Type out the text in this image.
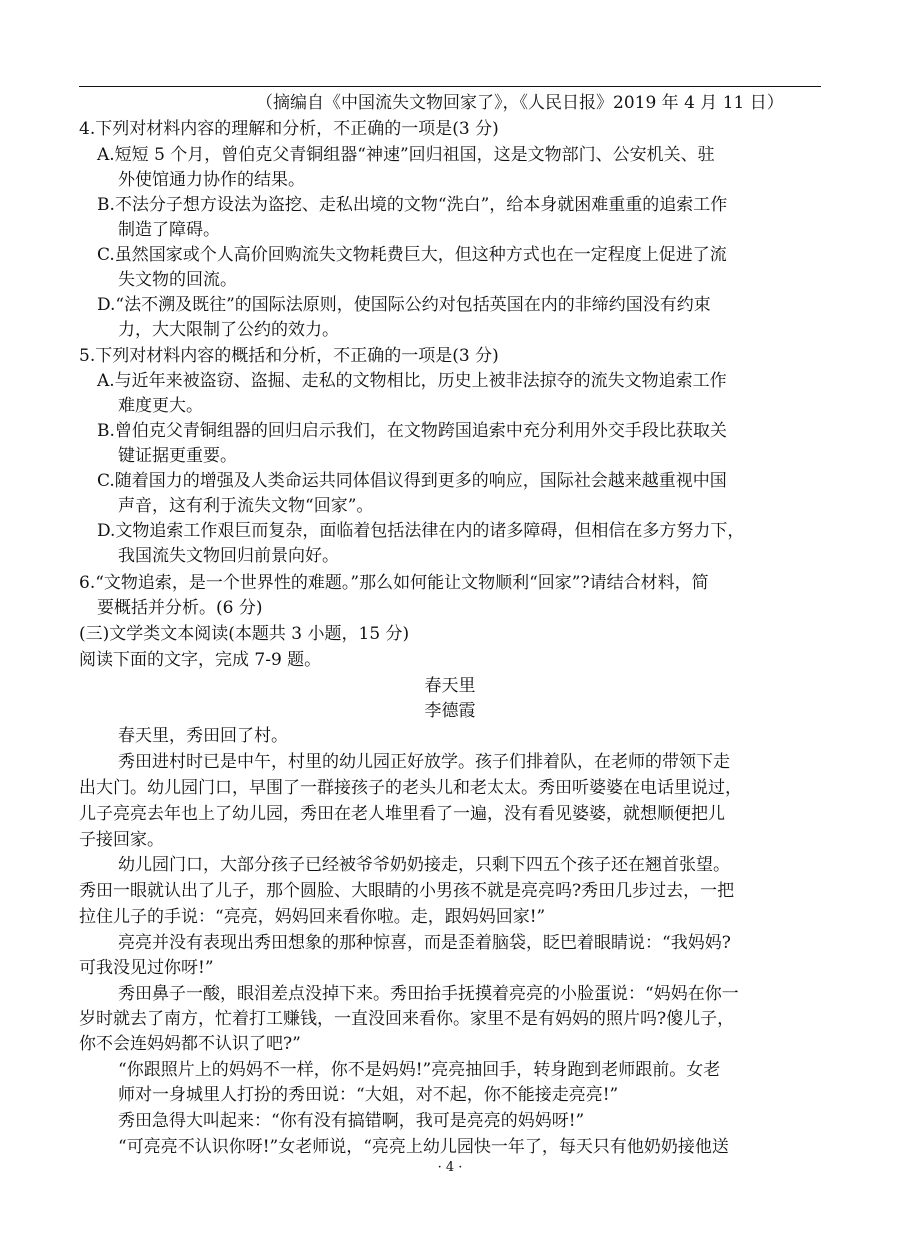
（摘编自《中国流失文物回家了》，《人民日报》2019 年 4 月 11 日）
4.下列对材料内容的理解和分析，不正确的一项是(3 分)
A.短短 5 个月，曾伯克父青铜组器“神速”回归祖国，这是文物部门、公安机关、驻
外使馆通力协作的结果。
B.不法分子想方设法为盗挖、走私出境的文物“洗白”，给本身就困难重重的追索工作
制造了障碍。
C.虽然国家或个人高价回购流失文物耗费巨大，但这种方式也在一定程度上促进了流
失文物的回流。
D.“法不溯及既往”的国际法原则，使国际公约对包括英国在内的非缔约国没有约束
力，大大限制了公约的效力。
5.下列对材料内容的概括和分析，不正确的一项是(3 分)
A.与近年来被盗窃、盗掘、走私的文物相比，历史上被非法掠夺的流失文物追索工作
难度更大。
B.曾伯克父青铜组器的回归启示我们，在文物跨国追索中充分利用外交手段比获取关
键证据更重要。
C.随着国力的增强及人类命运共同体倡议得到更多的响应，国际社会越来越重视中国
声音，这有利于流失文物“回家”。
D.文物追索工作艰巨而复杂，面临着包括法律在内的诸多障碍，但相信在多方努力下，
我国流失文物回归前景向好。
6.“文物追索，是一个世界性的难题。”那么如何能让文物顺利“回家”?请结合材料，简
要概括并分析。(6 分)
(三)文学类文本阅读(本题共 3 小题，15 分)
阅读下面的文字，完成 7-9 题。
春天里
李德霞
春天里，秀田回了村。
秀田进村时已是中午，村里的幼儿园正好放学。孩子们排着队，在老师的带领下走
出大门。幼儿园门口，早围了一群接孩子的老头儿和老太太。秀田听婆婆在电话里说过，
儿子亮亮去年也上了幼儿园，秀田在老人堆里看了一遍，没有看见婆婆，就想顺便把儿
子接回家。
幼儿园门口，大部分孩子已经被爷爷奶奶接走，只剩下四五个孩子还在翘首张望。
秀田一眼就认出了儿子，那个圆脸、大眼睛的小男孩不就是亮亮吗?秀田几步过去，一把
拉住儿子的手说：“亮亮，妈妈回来看你啦。走，跟妈妈回家!”
亮亮并没有表现出秀田想象的那种惊喜，而是歪着脑袋，眨巴着眼睛说：“我妈妈?
可我没见过你呀!”
秀田鼻子一酸，眼泪差点没掉下来。秀田抬手抚摸着亮亮的小脸蛋说：“妈妈在你一
岁时就去了南方，忙着打工赚钱，一直没回来看你。家里不是有妈妈的照片吗?傻儿子，
你不会连妈妈都不认识了吧?”
“你跟照片上的妈妈不一样，你不是妈妈!”亮亮抽回手，转身跑到老师跟前。女老
师对一身城里人打扮的秀田说：“大姐，对不起，你不能接走亮亮!”
秀田急得大叫起来：“你有没有搞错啊，我可是亮亮的妈妈呀!”
“可亮亮不认识你呀!”女老师说，“亮亮上幼儿园快一年了，每天只有他奶奶接他送
· 4 ·
